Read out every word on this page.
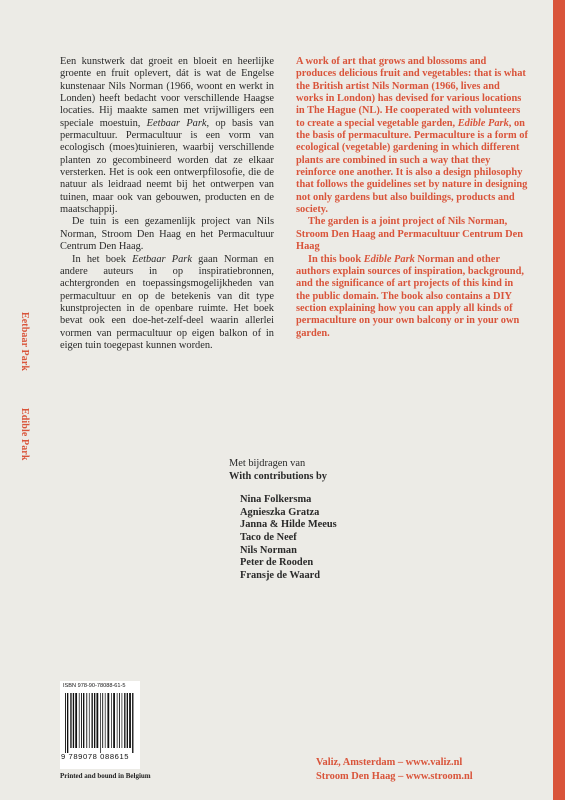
Eetbaar Park
Edible Park

Een kunstwerk dat groeit en bloeit en heerlijke groente en fruit oplevert, dát is wat de Engelse kunstenaar Nils Norman (1966, woont en werkt in Londen) heeft bedacht voor verschillende Haagse locaties. Hij maakte samen met vrijwilligers een speciale moestuin, Eetbaar Park, op basis van permacultuur. Permacultuur is een vorm van ecologisch (moes)tuinieren, waarbij verschillende planten zo gecombineerd worden dat ze elkaar versterken. Het is ook een ontwerpfilosofie, die de natuur als leidraad neemt bij het ontwerpen van tuinen, maar ook van gebouwen, producten en de maatschappij.

De tuin is een gezamenlijk project van Nils Norman, Stroom Den Haag en het Permacultuur Centrum Den Haag.

In het boek Eetbaar Park gaan Norman en andere auteurs in op inspiratiebronnen, achtergronden en toepassingsmogelijkheden van permacultuur en op de betekenis van dit type kunstprojecten in de openbare ruimte. Het boek bevat ook een doe-het-zelf-deel waarin allerlei vormen van permacultuur op eigen balkon of in eigen tuin toegepast kunnen worden.

A work of art that grows and blossoms and produces delicious fruit and vegetables: that is what the British artist Nils Norman (1966, lives and works in London) has devised for various locations in The Hague (NL). He cooperated with volunteers to create a special vegetable garden, Edible Park, on the basis of permaculture. Permaculture is a form of ecological (vegetable) gardening in which different plants are combined in such a way that they reinforce one another. It is also a design philosophy that follows the guidelines set by nature in designing not only gardens but also buildings, products and society.

The garden is a joint project of Nils Norman, Stroom Den Haag and Permacultuur Centrum Den Haag

In this book Edible Park Norman and other authors explain sources of inspiration, background, and the significance of art projects of this kind in the public domain. The book also contains a DIY section explaining how you can apply all kinds of permaculture on your own balcony or in your own garden.

Met bijdragen van
With contributions by
Nina Folkersma
Agnieszka Gratza
Janna & Hilde Meeus
Taco de Neef
Nils Norman
Peter de Rooden
Fransje de Waard
ISBN 978-90-78088-61-5
9 789078 088615
Printed and bound in Belgium
Valiz, Amsterdam – www.valiz.nl
Stroom Den Haag – www.stroom.nl
